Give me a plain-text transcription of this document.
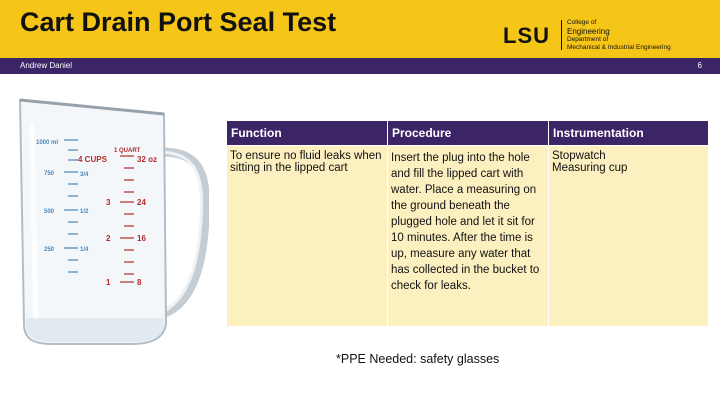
Cart Drain Port Seal Test	LSU
College of
Engineering
Department of
Mechanical & Industrial Engineering
Andrew Daniel	6
1 QUART
4 CUPS	32 oz
24
16
8
3
2
1
1000 ml
750
500
250
3/4
1/2
1/4
Function	Procedure	Instrumentation
To ensure no fluid leaks when sitting in the lipped cart	Insert the plug into the hole and fill the lipped cart with water. Place a measuring on the ground beneath the plugged hole and let it sit for 10 minutes. After the time is up, measure any water that has collected in the bucket to check for leaks.	Stopwatch
Measuring cup
*PPE Needed: safety glasses
